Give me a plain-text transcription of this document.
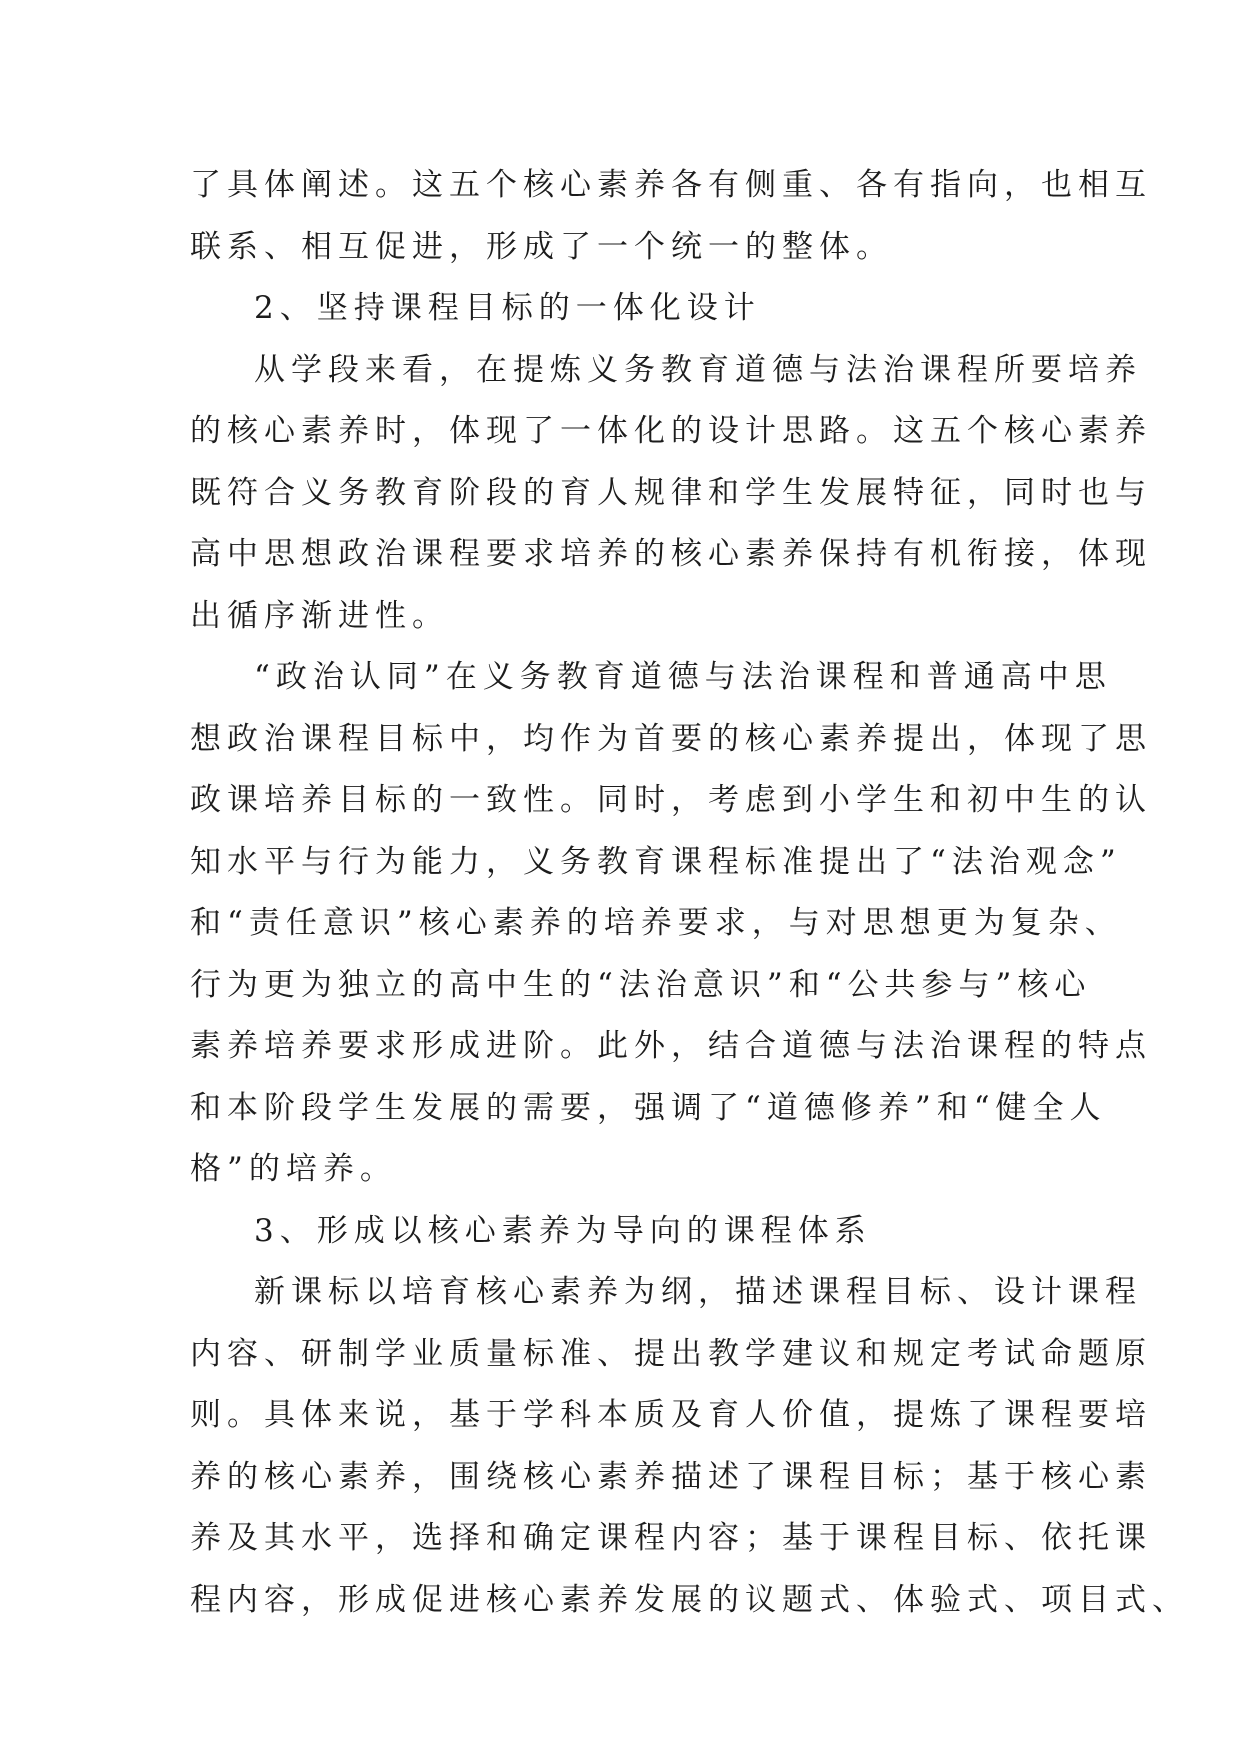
了具体阐述。这五个核心素养各有侧重、各有指向，也相互
联系、相互促进，形成了一个统一的整体。
2、坚持课程目标的一体化设计
从学段来看，在提炼义务教育道德与法治课程所要培养
的核心素养时，体现了一体化的设计思路。这五个核心素养
既符合义务教育阶段的育人规律和学生发展特征，同时也与
高中思想政治课程要求培养的核心素养保持有机衔接，体现
出循序渐进性。
“政治认同”在义务教育道德与法治课程和普通高中思
想政治课程目标中，均作为首要的核心素养提出，体现了思
政课培养目标的一致性。同时，考虑到小学生和初中生的认
知水平与行为能力，义务教育课程标准提出了“法治观念”
和“责任意识”核心素养的培养要求，与对思想更为复杂、
行为更为独立的高中生的“法治意识”和“公共参与”核心
素养培养要求形成进阶。此外，结合道德与法治课程的特点
和本阶段学生发展的需要，强调了“道德修养”和“健全人
格”的培养。
3、形成以核心素养为导向的课程体系
新课标以培育核心素养为纲，描述课程目标、设计课程
内容、研制学业质量标准、提出教学建议和规定考试命题原
则。具体来说，基于学科本质及育人价值，提炼了课程要培
养的核心素养，围绕核心素养描述了课程目标；基于核心素
养及其水平，选择和确定课程内容；基于课程目标、依托课
程内容，形成促进核心素养发展的议题式、体验式、项目式、
